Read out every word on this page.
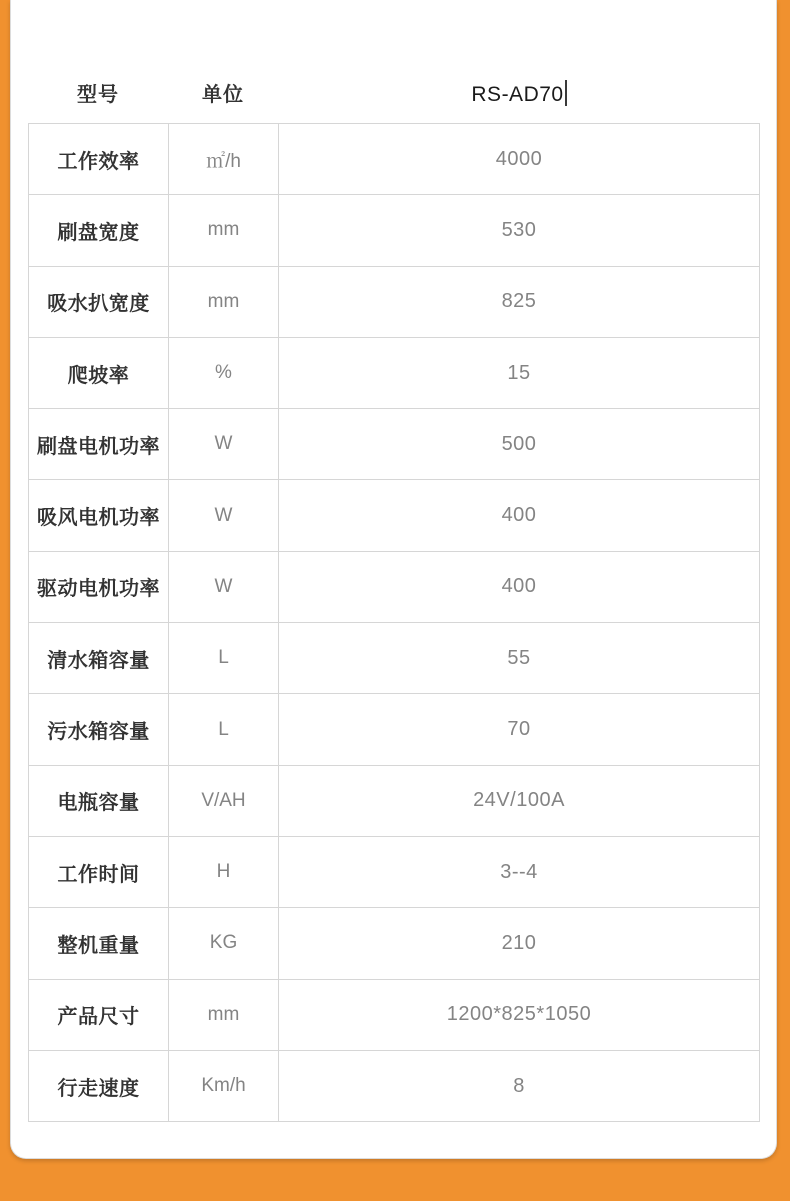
型号	单位	RS-AD70
工作效率	㎡/h	4000
刷盘宽度	mm	530
吸水扒宽度	mm	825
爬坡率	%	15
刷盘电机功率	W	500
吸风电机功率	W	400
驱动电机功率	W	400
清水箱容量	L	55
污水箱容量	L	70
电瓶容量	V/AH	24V/100A
工作时间	H	3--4
整机重量	KG	210
产品尺寸	mm	1200*825*1050
行走速度	Km/h	8
